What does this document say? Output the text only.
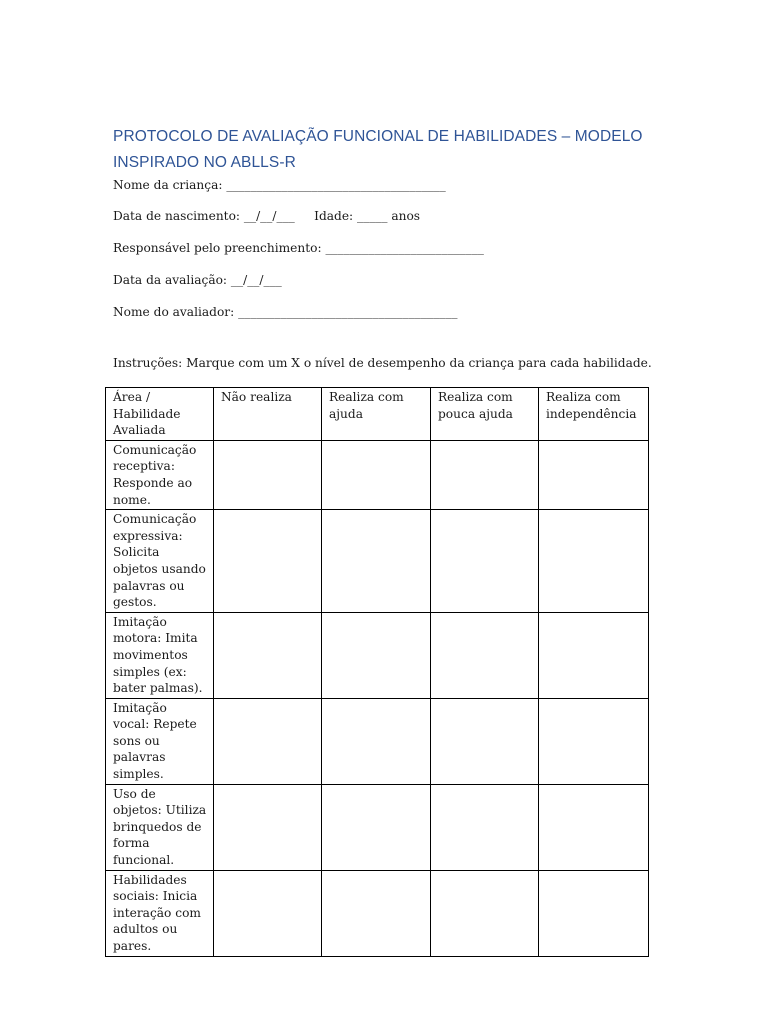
PROTOCOLO DE AVALIAÇÃO FUNCIONAL DE HABILIDADES – MODELO
INSPIRADO NO ABLLS-R
Nome da criança: ____________________________________
Data de nascimento: __/__/___     Idade: _____ anos
Responsável pelo preenchimento: __________________________
Data da avaliação: __/__/___
Nome do avaliador: ____________________________________
Instruções: Marque com um X o nível de desempenho da criança para cada habilidade.
Área / Habilidade Avaliada	Não realiza	Realiza com ajuda	Realiza com pouca ajuda	Realiza com independência
Comunicação receptiva: Responde ao nome.				
Comunicação expressiva: Solicita objetos usando palavras ou gestos.				
Imitação motora: Imita movimentos simples (ex: bater palmas).				
Imitação vocal: Repete sons ou palavras simples.				
Uso de objetos: Utiliza brinquedos de forma funcional.				
Habilidades sociais: Inicia interação com adultos ou pares.				
